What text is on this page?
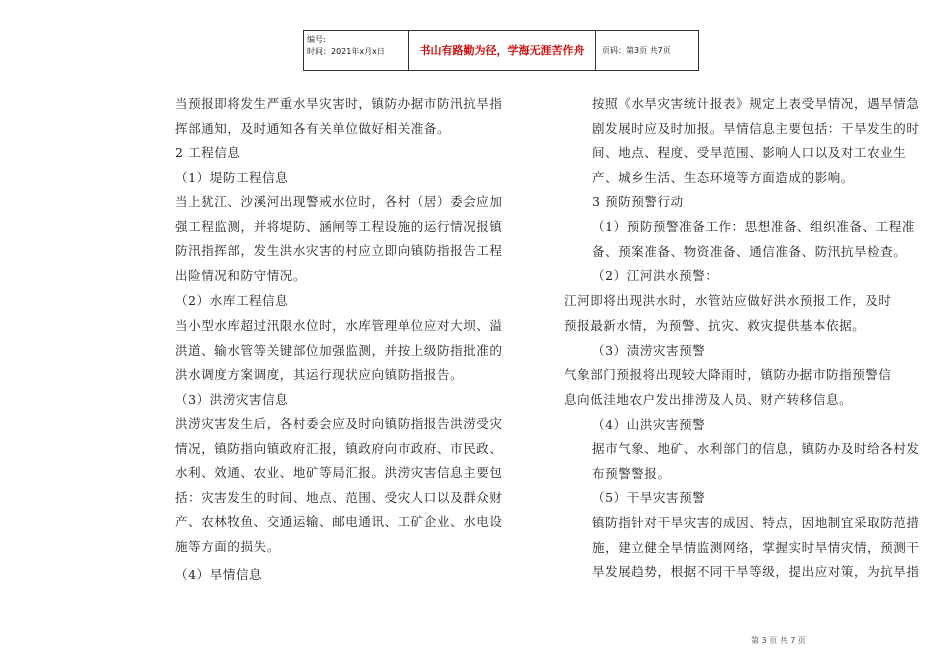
编号:
时间：2021年x月x日	书山有路勤为径，学海无涯苦作舟	页码：第3页 共7页

当预报即将发生严重水旱灾害时，镇防办据市防汛抗旱指挥部通知，及时通知各有关单位做好相关准备。

2 工程信息

（1）堤防工程信息

当上犹江、沙溪河出现警戒水位时，各村（居）委会应加强工程监测，并将堤防、涵闸等工程设施的运行情况报镇防汛指挥部，发生洪水灾害的村应立即向镇防指报告工程出险情况和防守情况。

（2）水库工程信息

当小型水库超过汛限水位时，水库管理单位应对大坝、溢洪道、输水管等关键部位加强监测，并按上级防指批准的洪水调度方案调度，其运行现状应向镇防指报告。

（3）洪涝灾害信息

洪涝灾害发生后，各村委会应及时向镇防指报告洪涝受灾情况，镇防指向镇政府汇报，镇政府向市政府、市民政、水利、效通、农业、地矿等局汇报。洪涝灾害信息主要包括：灾害发生的时间、地点、范围、受灾人口以及群众财产、农林牧鱼、交通运输、邮电通讯、工矿企业、水电设施等方面的损失。

（4）旱情信息

按照《水旱灾害统计报表》规定上表受旱情况，遇旱情急剧发展时应及时加报。旱情信息主要包括：干旱发生的时间、地点、程度、受旱范围、影响人口以及对工农业生产、城乡生活、生态环境等方面造成的影响。

3 预防预警行动

（1）预防预警准备工作：思想准备、组织准备、工程准备、预案准备、物资准备、通信准备、防汛抗旱检查。

（2）江河洪水预警：

江河即将出现洪水时，水管站应做好洪水预报工作，及时预报最新水情，为预警、抗灾、救灾提供基本依据。

（3）渍涝灾害预警

气象部门预报将出现较大降雨时，镇防办据市防指预警信息向低洼地农户发出排涝及人员、财产转移信息。

（4）山洪灾害预警

据市气象、地矿、水利部门的信息，镇防办及时给各村发布预警警报。

（5）干旱灾害预警

镇防指针对干旱灾害的成因、特点，因地制宜采取防范措施，建立健全旱情监测网络，掌握实时旱情灾情，预测干旱发展趋势，根据不同干旱等级，提出应对策，为抗旱指

第 3 页 共 7 页
